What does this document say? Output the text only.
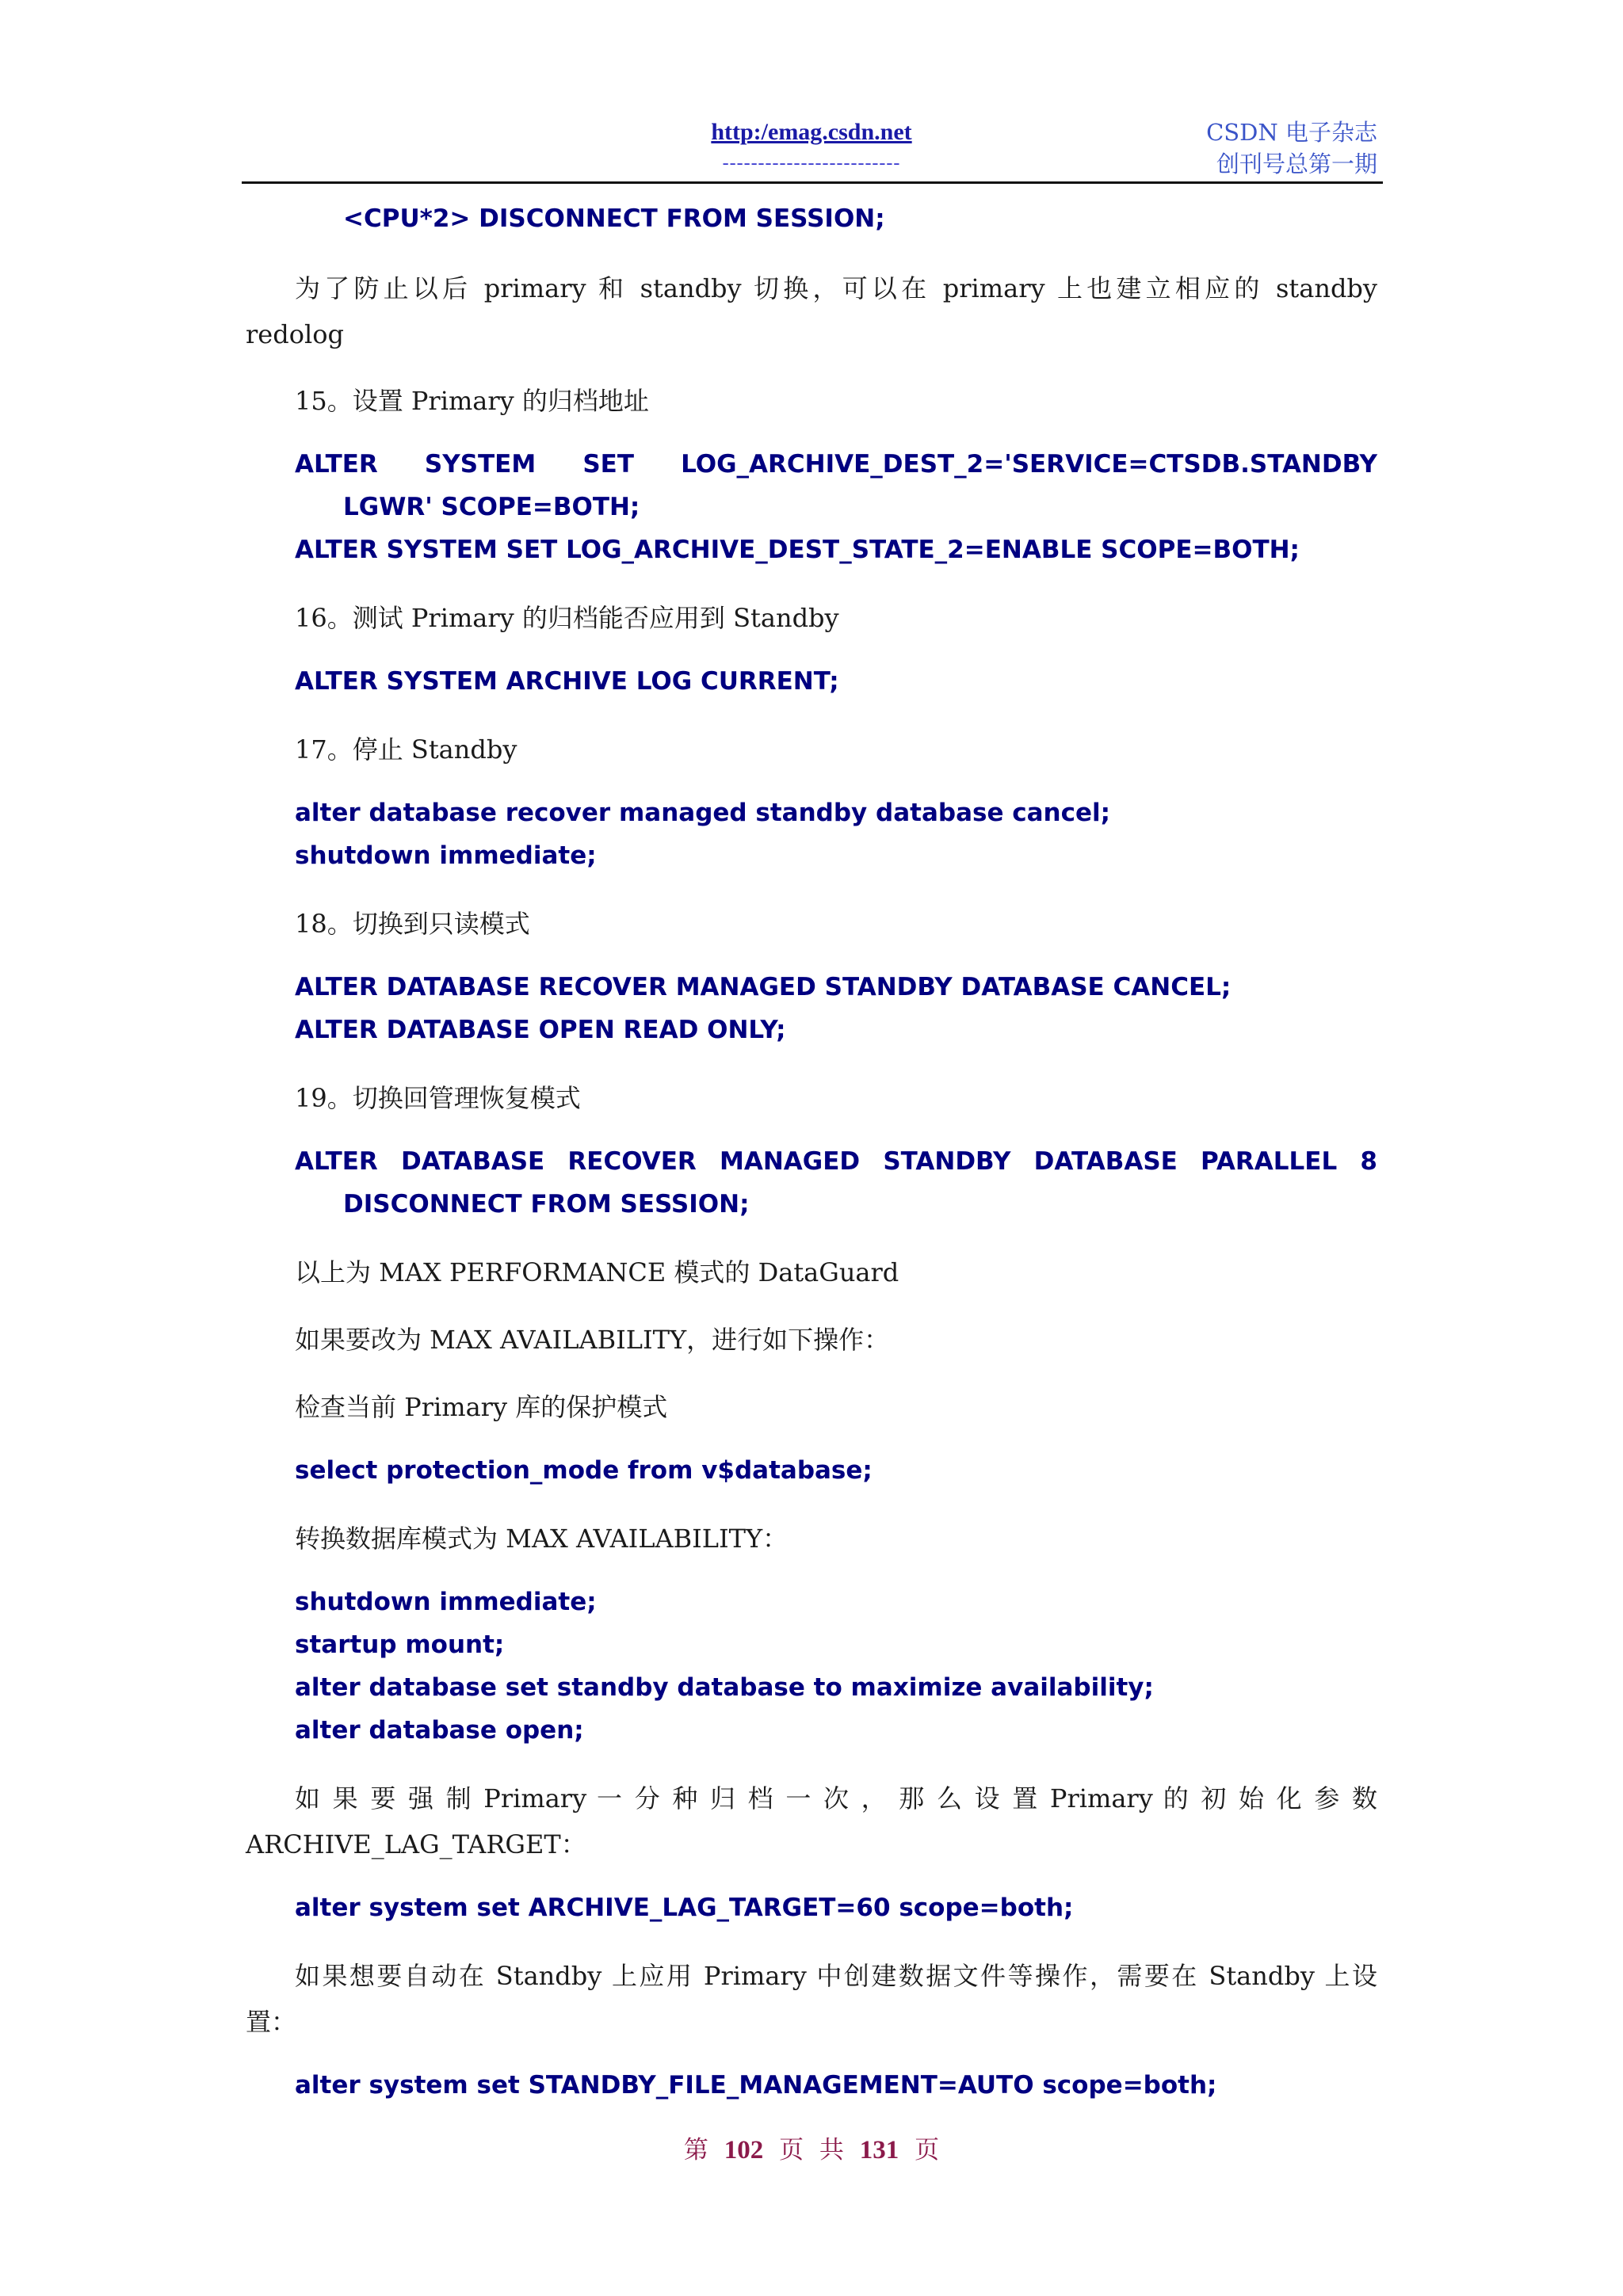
http:/emag.csdn.net
-------------------------
CSDN 电子杂志
创刊号总第一期
<CPU*2> DISCONNECT FROM SESSION;
为了防止以后 primary 和 standby 切换，可以在 primary 上也建立相应的 standby
redolog
15。设置 Primary 的归档地址
ALTER SYSTEM SET LOG_ARCHIVE_DEST_2='SERVICE=CTSDB.STANDBY
LGWR' SCOPE=BOTH;
ALTER SYSTEM SET LOG_ARCHIVE_DEST_STATE_2=ENABLE SCOPE=BOTH;
16。测试 Primary 的归档能否应用到 Standby
ALTER SYSTEM ARCHIVE LOG CURRENT;
17。停止 Standby
alter database recover managed standby database cancel;
shutdown immediate;
18。切换到只读模式
ALTER DATABASE RECOVER MANAGED STANDBY DATABASE CANCEL;
ALTER DATABASE OPEN READ ONLY;
19。切换回管理恢复模式
ALTER DATABASE RECOVER MANAGED STANDBY DATABASE PARALLEL 8
DISCONNECT FROM SESSION;
以上为 MAX PERFORMANCE 模式的 DataGuard
如果要改为 MAX AVAILABILITY，进行如下操作：
检查当前 Primary 库的保护模式
select protection_mode from v$database;
转换数据库模式为 MAX AVAILABILITY：
shutdown immediate;
startup mount;
alter database set standby database to maximize availability;
alter database open;
如 果 要 强 制 Primary 一 分 种 归 档 一 次 ， 那 么 设 置 Primary 的 初 始 化 参 数
ARCHIVE_LAG_TARGET：
alter system set ARCHIVE_LAG_TARGET=60 scope=both;
如果想要自动在 Standby 上应用 Primary 中创建数据文件等操作，需要在 Standby 上设
置：
alter system set STANDBY_FILE_MANAGEMENT=AUTO scope=both;
第 102 页 共 131 页
